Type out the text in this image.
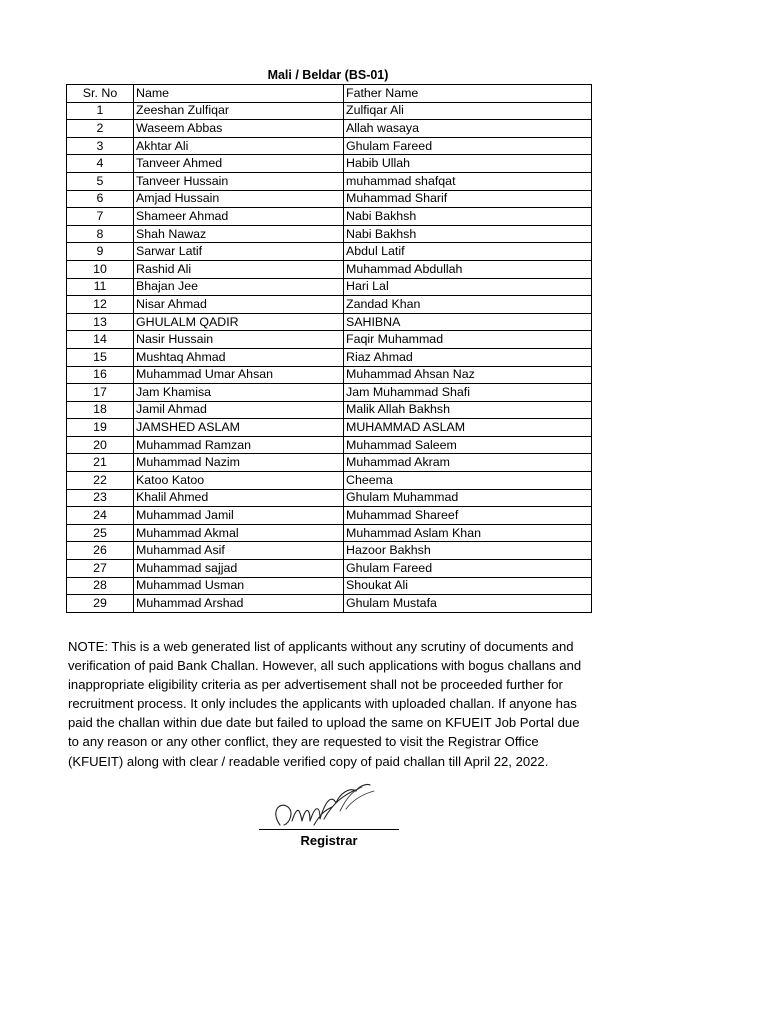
Mali / Beldar (BS-01)
Sr. No	Name	Father Name
1	Zeeshan Zulfiqar	Zulfiqar Ali
2	Waseem Abbas	Allah wasaya
3	Akhtar Ali	Ghulam Fareed
4	Tanveer Ahmed	Habib Ullah
5	Tanveer Hussain	muhammad shafqat
6	Amjad Hussain	Muhammad Sharif
7	Shameer Ahmad	Nabi Bakhsh
8	Shah Nawaz	Nabi Bakhsh
9	Sarwar Latif	Abdul Latif
10	Rashid Ali	Muhammad Abdullah
11	Bhajan Jee	Hari Lal
12	Nisar Ahmad	Zandad Khan
13	GHULALM QADIR	SAHIBNA
14	Nasir Hussain	Faqir Muhammad
15	Mushtaq Ahmad	Riaz Ahmad
16	Muhammad Umar Ahsan	Muhammad Ahsan Naz
17	Jam Khamisa	Jam Muhammad Shafi
18	Jamil Ahmad	Malik Allah Bakhsh
19	JAMSHED ASLAM	MUHAMMAD ASLAM
20	Muhammad Ramzan	Muhammad Saleem
21	Muhammad Nazim	Muhammad Akram
22	Katoo Katoo	Cheema
23	Khalil Ahmed	Ghulam Muhammad
24	Muhammad Jamil	Muhammad Shareef
25	Muhammad Akmal	Muhammad Aslam Khan
26	Muhammad Asif	Hazoor Bakhsh
27	Muhammad sajjad	Ghulam Fareed
28	Muhammad Usman	Shoukat Ali
29	Muhammad Arshad	Ghulam Mustafa

NOTE: This is a web generated list of applicants without any scrutiny of documents and verification of paid Bank Challan. However, all such applications with bogus challans and inappropriate eligibility criteria as per advertisement shall not be proceeded further for recruitment process. It only includes the applicants with uploaded challan. If anyone has paid the challan within due date but failed to upload the same on KFUEIT Job Portal due to any reason or any other conflict, they are requested to visit the Registrar Office (KFUEIT) along with clear / readable verified copy of paid challan till April 22, 2022.

Registrar
